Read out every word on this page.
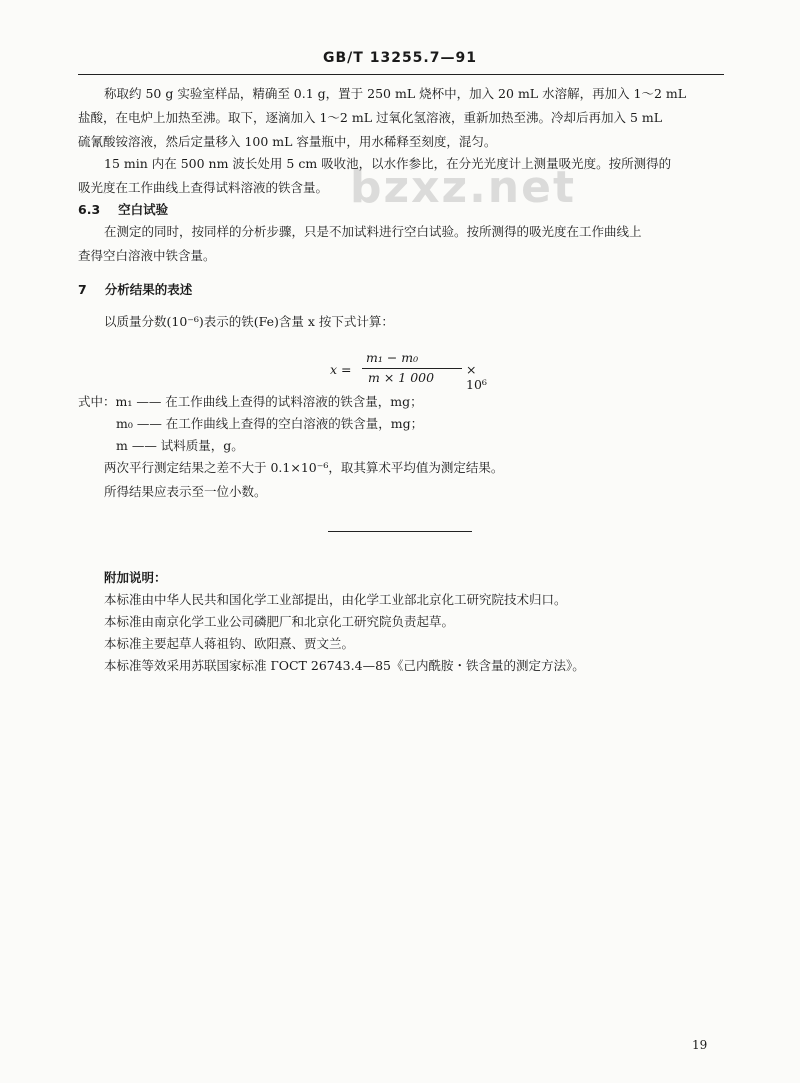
GB/T 13255.7—91
bzxz.net
称取约 50 g 实验室样品，精确至 0.1 g，置于 250 mL 烧杯中，加入 20 mL 水溶解，再加入 1～2 mL
盐酸，在电炉上加热至沸。取下，逐滴加入 1～2 mL 过氧化氢溶液，重新加热至沸。冷却后再加入 5 mL
硫氰酸铵溶液，然后定量移入 100 mL 容量瓶中，用水稀释至刻度，混匀。
15 min 内在 500 nm 波长处用 5 cm 吸收池，以水作参比，在分光光度计上测量吸光度。按所测得的
吸光度在工作曲线上查得试料溶液的铁含量。
6.3 空白试验
在测定的同时，按同样的分析步骤，只是不加试料进行空白试验。按所测得的吸光度在工作曲线上
查得空白溶液中铁含量。
7 分析结果的表述
以质量分数(10⁻⁶)表示的铁(Fe)含量 x 按下式计算：
x =
m₁ − m₀
m × 1 000
× 10⁶
式中：m₁ —— 在工作曲线上查得的试料溶液的铁含量，mg；
m₀ —— 在工作曲线上查得的空白溶液的铁含量，mg；
m —— 试料质量，g。
两次平行测定结果之差不大于 0.1×10⁻⁶，取其算术平均值为测定结果。
所得结果应表示至一位小数。
附加说明：
本标准由中华人民共和国化学工业部提出，由化学工业部北京化工研究院技术归口。
本标准由南京化学工业公司磷肥厂和北京化工研究院负责起草。
本标准主要起草人蒋祖钧、欧阳熹、贾文兰。
本标准等效采用苏联国家标准 ГОСТ 26743.4—85《己内酰胺・铁含量的测定方法》。
19
